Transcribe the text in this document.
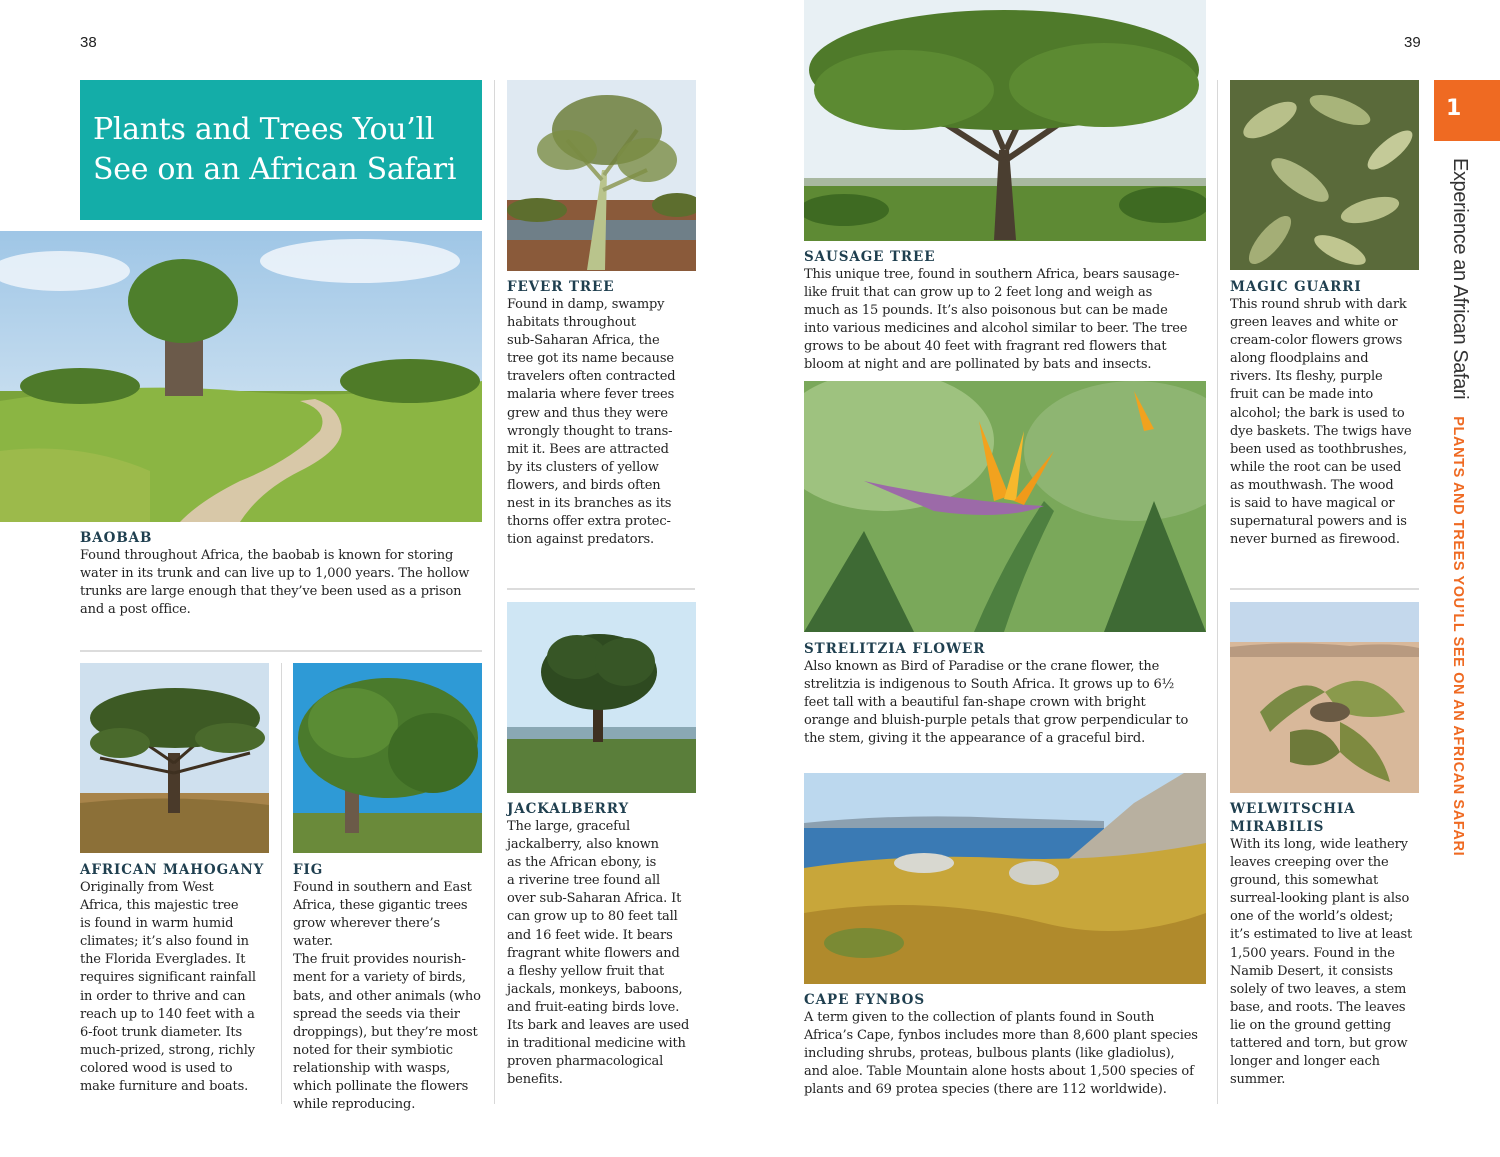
38	39
Plants and Trees You’ll
See on an African Safari
BAOBAB
Found throughout Africa, the baobab is known for storing
water in its trunk and can live up to 1,000 years. The hollow
trunks are large enough that they’ve been used as a prison
and a post office.
FEVER TREE
Found in damp, swampy
habitats throughout
sub-Saharan Africa, the
tree got its name because
travelers often contracted
malaria where fever trees
grew and thus they were
wrongly thought to trans-
mit it. Bees are attracted
by its clusters of yellow
flowers, and birds often
nest in its branches as its
thorns offer extra protec-
tion against predators.
AFRICAN MAHOGANY
Originally from West
Africa, this majestic tree
is found in warm humid
climates; it’s also found in
the Florida Everglades. It
requires significant rainfall
in order to thrive and can
reach up to 140 feet with a
6-foot trunk diameter. Its
much-prized, strong, richly
colored wood is used to
make furniture and boats.
FIG
Found in southern and East
Africa, these gigantic trees
grow wherever there’s water.
The fruit provides nourish-
ment for a variety of birds,
bats, and other animals (who
spread the seeds via their
droppings), but they’re most
noted for their symbiotic
relationship with wasps,
which pollinate the flowers
while reproducing.
JACKALBERRY
The large, graceful
jackalberry, also known
as the African ebony, is
a riverine tree found all
over sub-Saharan Africa. It
can grow up to 80 feet tall
and 16 feet wide. It bears
fragrant white flowers and
a fleshy yellow fruit that
jackals, monkeys, baboons,
and fruit-eating birds love.
Its bark and leaves are used
in traditional medicine with
proven pharmacological
benefits.
SAUSAGE TREE
This unique tree, found in southern Africa, bears sausage-
like fruit that can grow up to 2 feet long and weigh as
much as 15 pounds. It’s also poisonous but can be made
into various medicines and alcohol similar to beer. The tree
grows to be about 40 feet with fragrant red flowers that
bloom at night and are pollinated by bats and insects.
STRELITZIA FLOWER
Also known as Bird of Paradise or the crane flower, the
strelitzia is indigenous to South Africa. It grows up to 6½
feet tall with a beautiful fan-shape crown with bright
orange and bluish-purple petals that grow perpendicular to
the stem, giving it the appearance of a graceful bird.
CAPE FYNBOS
A term given to the collection of plants found in South
Africa’s Cape, fynbos includes more than 8,600 plant species
including shrubs, proteas, bulbous plants (like gladiolus),
and aloe. Table Mountain alone hosts about 1,500 species of
plants and 69 protea species (there are 112 worldwide).
MAGIC GUARRI
This round shrub with dark
green leaves and white or
cream-color flowers grows
along floodplains and
rivers. Its fleshy, purple
fruit can be made into
alcohol; the bark is used to
dye baskets. The twigs have
been used as toothbrushes,
while the root can be used
as mouthwash. The wood
is said to have magical or
supernatural powers and is
never burned as firewood.
WELWITSCHIA
MIRABILIS
With its long, wide leathery
leaves creeping over the
ground, this somewhat
surreal-looking plant is also
one of the world’s oldest;
it’s estimated to live at least
1,500 years. Found in the
Namib Desert, it consists
solely of two leaves, a stem
base, and roots. The leaves
lie on the ground getting
tattered and torn, but grow
longer and longer each
summer.
1
Experience an African Safari PLANTS AND TREES YOU’LL SEE ON AN AFRICAN SAFARI
